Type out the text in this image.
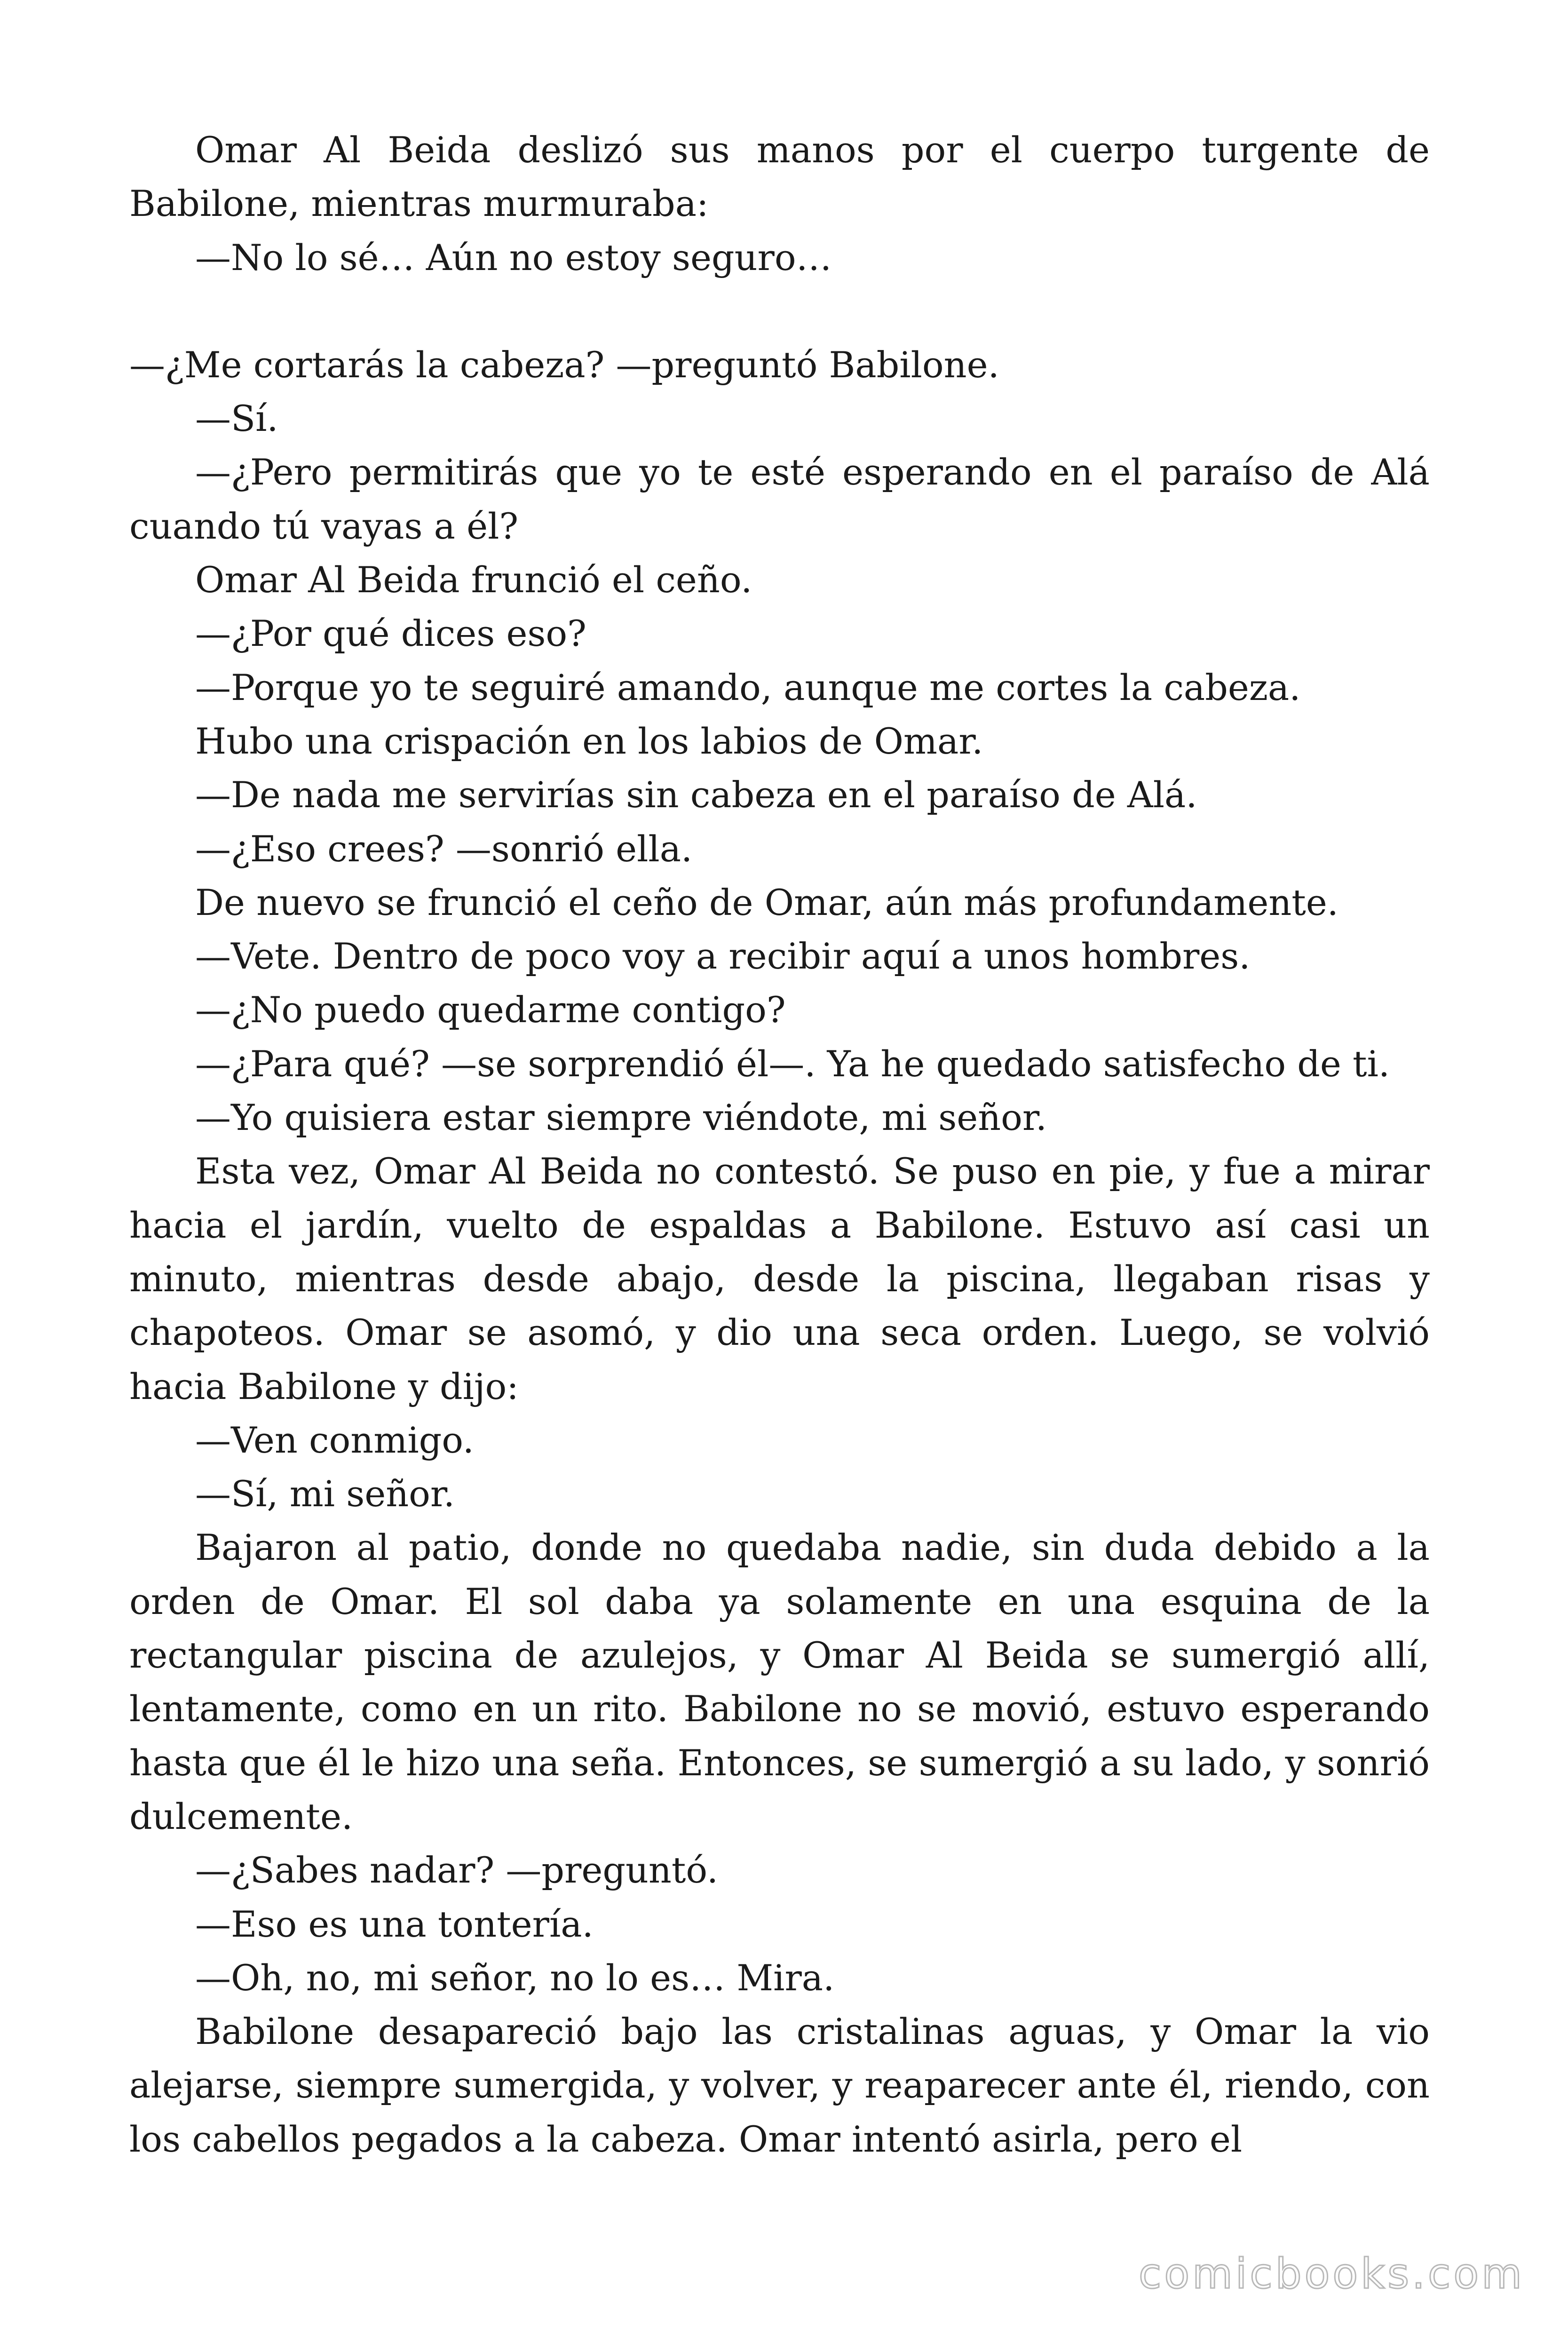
Omar Al Beida deslizó sus manos por el cuerpo turgente de Babilone, mientras murmuraba:

—No lo sé… Aún no estoy seguro…

—¿Me cortarás la cabeza? —preguntó Babilone.

—Sí.

—¿Pero permitirás que yo te esté esperando en el paraíso de Alá cuando tú vayas a él?

Omar Al Beida frunció el ceño.

—¿Por qué dices eso?

—Porque yo te seguiré amando, aunque me cortes la cabeza.

Hubo una crispación en los labios de Omar.

—De nada me servirías sin cabeza en el paraíso de Alá.

—¿Eso crees? —sonrió ella.

De nuevo se frunció el ceño de Omar, aún más profundamente.

—Vete. Dentro de poco voy a recibir aquí a unos hombres.

—¿No puedo quedarme contigo?

—¿Para qué? —se sorprendió él—. Ya he quedado satisfecho de ti.

—Yo quisiera estar siempre viéndote, mi señor.

Esta vez, Omar Al Beida no contestó. Se puso en pie, y fue a mirar hacia el jardín, vuelto de espaldas a Babilone. Estuvo así casi un minuto, mientras desde abajo, desde la piscina, llegaban risas y chapoteos. Omar se asomó, y dio una seca orden. Luego, se volvió hacia Babilone y dijo:

—Ven conmigo.

—Sí, mi señor.

Bajaron al patio, donde no quedaba nadie, sin duda debido a la orden de Omar. El sol daba ya solamente en una esquina de la rectangular piscina de azulejos, y Omar Al Beida se sumergió allí, lentamente, como en un rito. Babilone no se movió, estuvo esperando hasta que él le hizo una seña. Entonces, se sumergió a su lado, y sonrió dulcemente.

—¿Sabes nadar? —preguntó.

—Eso es una tontería.

—Oh, no, mi señor, no lo es… Mira.

Babilone desapareció bajo las cristalinas aguas, y Omar la vio alejarse, siempre sumergida, y volver, y reaparecer ante él, riendo, con los cabellos pegados a la cabeza. Omar intentó asirla, pero el

comicbooks.com
